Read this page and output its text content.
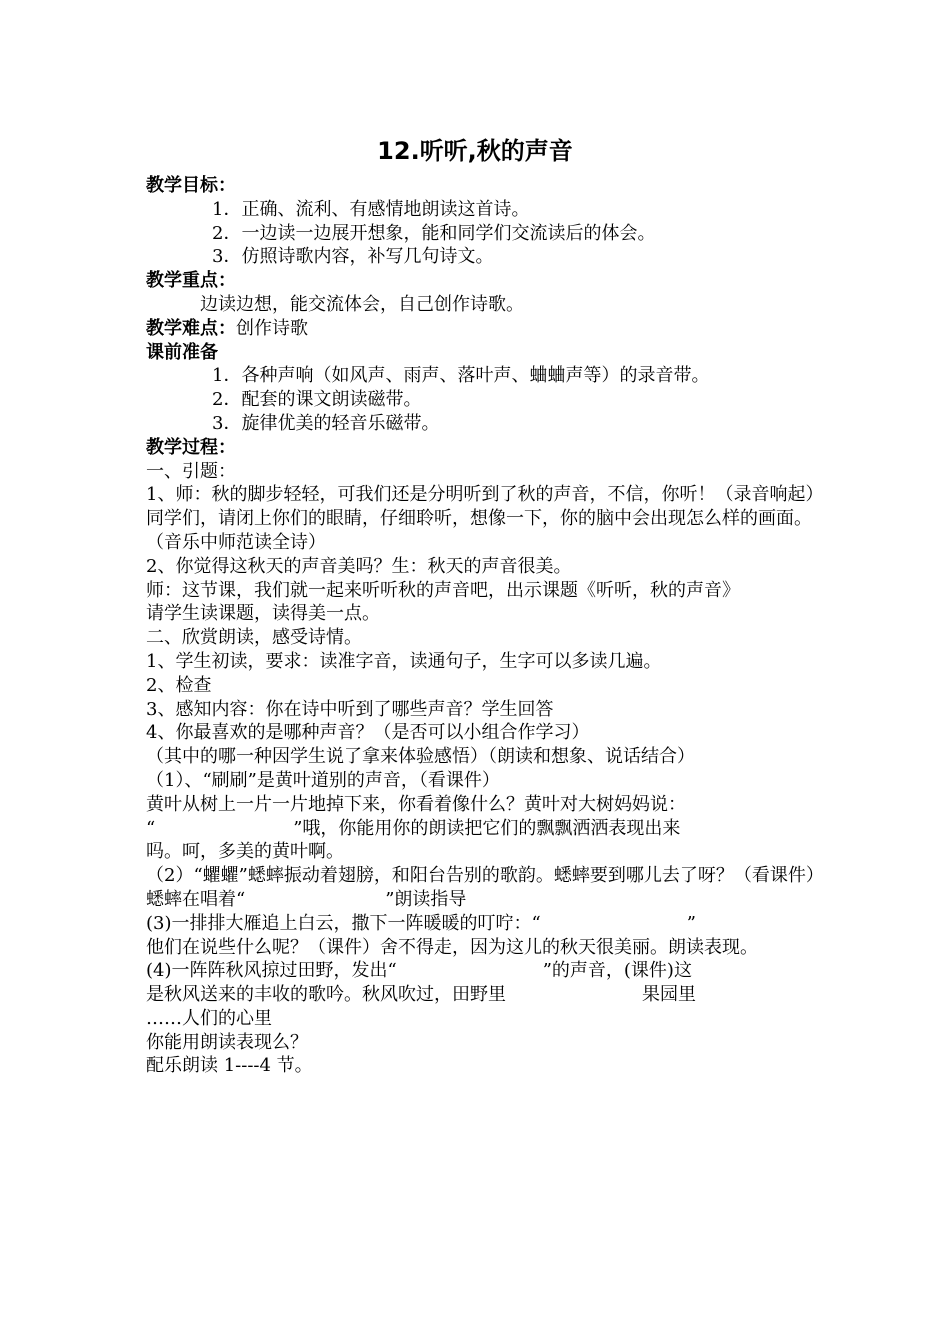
12.听听,秋的声音

教学目标：

1．正确、流利、有感情地朗读这首诗。

2．一边读一边展开想象，能和同学们交流读后的体会。

3．仿照诗歌内容，补写几句诗文。

教学重点：

边读边想，能交流体会，自己创作诗歌。

教学难点：创作诗歌

课前准备

1．各种声响（如风声、雨声、落叶声、蛐蛐声等）的录音带。

2．配套的课文朗读磁带。

3．旋律优美的轻音乐磁带。

教学过程：

一、引题：

1、师：秋的脚步轻轻，可我们还是分明听到了秋的声音，不信，你听！（录音响起）同学们，请闭上你们的眼睛，仔细聆听，想像一下，你的脑中会出现怎么样的画面。（音乐中师范读全诗）

2、你觉得这秋天的声音美吗？生：秋天的声音很美。

师：这节课，我们就一起来听听秋的声音吧，出示课题《听听，秋的声音》

请学生读课题，读得美一点。

二、欣赏朗读，感受诗情。

1、学生初读，要求：读准字音，读通句子，生字可以多读几遍。

2、检查

3、感知内容：你在诗中听到了哪些声音？学生回答

4、你最喜欢的是哪种声音？（是否可以小组合作学习）

（其中的哪一种因学生说了拿来体验感悟）（朗读和想象、说话结合）

（1）、“刷刷”是黄叶道别的声音，（看课件）

黄叶从树上一片一片地掉下来，你看着像什么？黄叶对大树妈妈说：

“	”哦，你能用你的朗读把它们的飘飘洒洒表现出来

吗。呵，多美的黄叶啊。

（2）“蠷蠷”蟋蟀振动着翅膀，和阳台告别的歌韵。蟋蟀要到哪儿去了呀？（看课件）

蟋蟀在唱着“	”朗读指导

(3)一排排大雁追上白云，撒下一阵暖暖的叮咛：“	”

他们在说些什么呢？（课件）舍不得走，因为这儿的秋天很美丽。朗读表现。

(4)一阵阵秋风掠过田野，发出“	”的声音，(课件)这

是秋风送来的丰收的歌吟。秋风吹过，田野里	果园里

……人们的心里

你能用朗读表现么？

配乐朗读 1----4 节。
